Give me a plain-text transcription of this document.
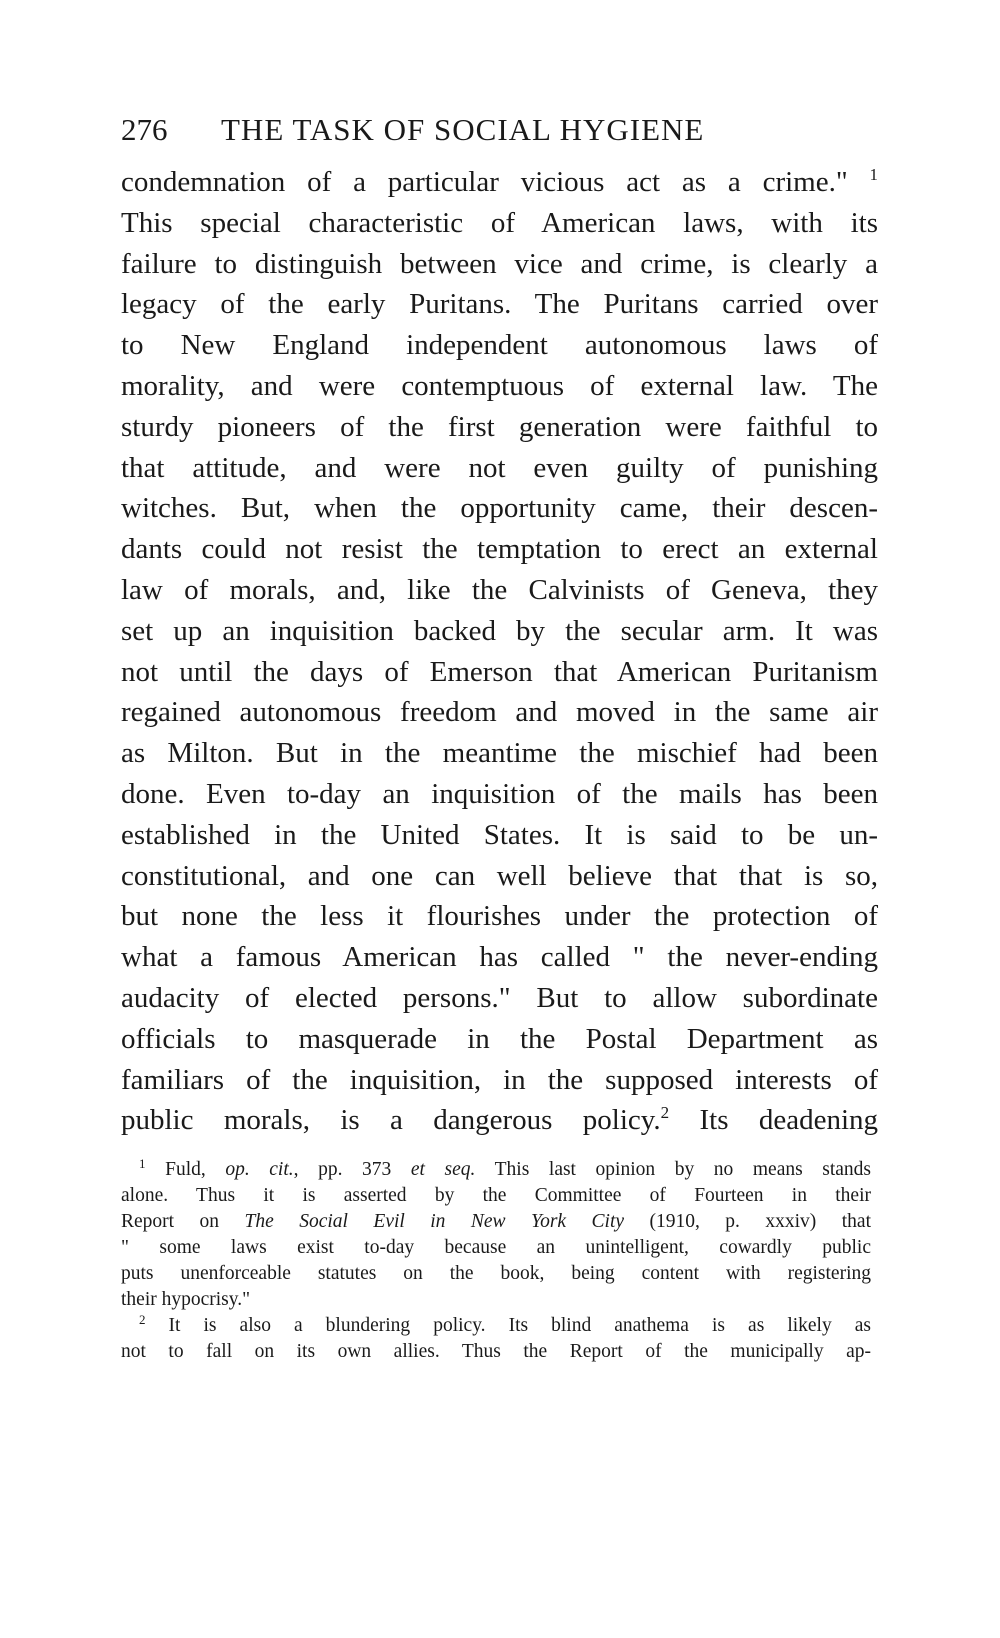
276 THE TASK OF SOCIAL HYGIENE
condemnation of a particular vicious act as a crime." $^1$
This special characteristic of American laws, with its
failure to distinguish between vice and crime, is clearly a
legacy of the early Puritans. The Puritans carried over
to New England independent autonomous laws of
morality, and were contemptuous of external law. The
sturdy pioneers of the first generation were faithful to
that attitude, and were not even guilty of punishing
witches. But, when the opportunity came, their descen-
dants could not resist the temptation to erect an external
law of morals, and, like the Calvinists of Geneva, they
set up an inquisition backed by the secular arm. It was
not until the days of Emerson that American Puritanism
regained autonomous freedom and moved in the same air
as Milton. But in the meantime the mischief had been
done. Even to-day an inquisition of the mails has been
established in the United States. It is said to be un-
constitutional, and one can well believe that that is so,
but none the less it flourishes under the protection of
what a famous American has called " the never-ending
audacity of elected persons." But to allow subordinate
officials to masquerade in the Postal Department as
familiars of the inquisition, in the supposed interests of
public morals, is a dangerous policy.$^2$ Its deadening
$^1$ Fuld, op. cit., pp. 373 et seq. This last opinion by no means stands
alone. Thus it is asserted by the Committee of Fourteen in their
Report on The Social Evil in New York City (1910, p. xxxiv) that
" some laws exist to-day because an unintelligent, cowardly public
puts unenforceable statutes on the book, being content with registering
their hypocrisy."
$^2$ It is also a blundering policy. Its blind anathema is as likely as
not to fall on its own allies. Thus the Report of the municipally ap-
